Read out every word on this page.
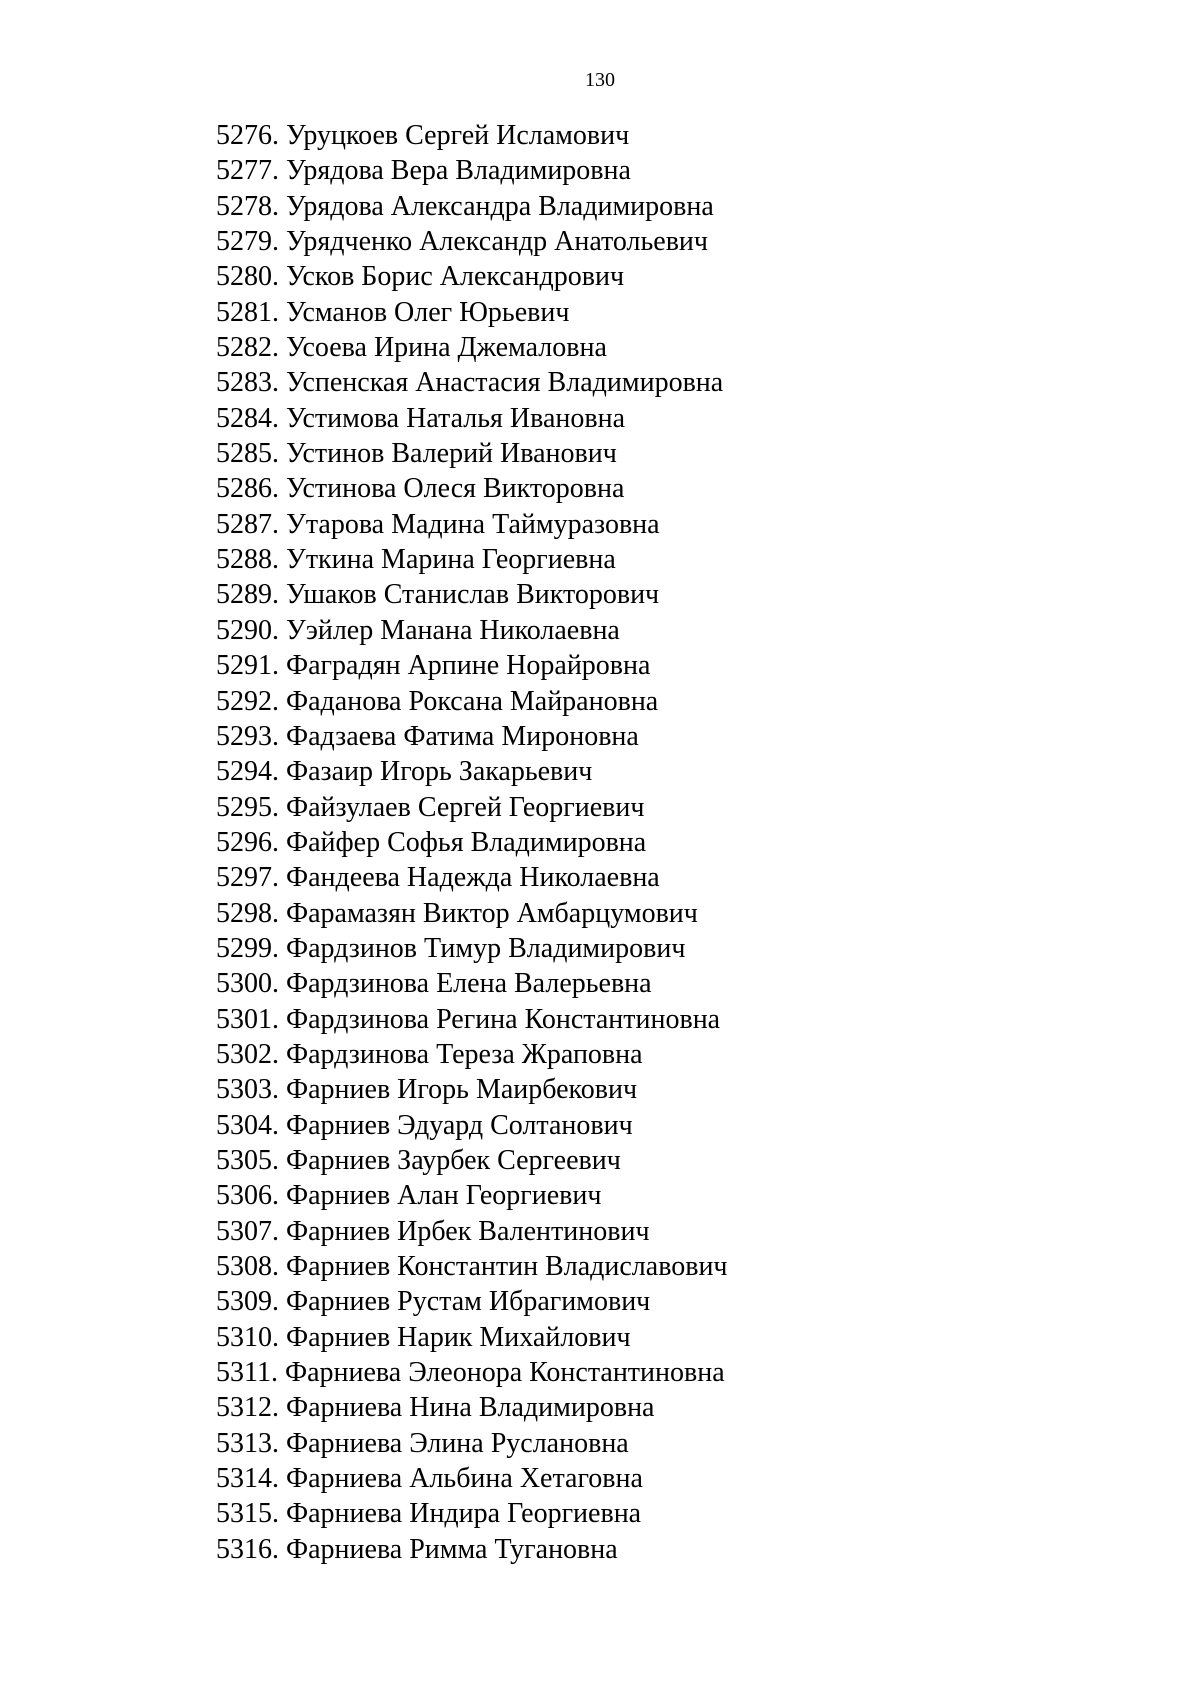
130
5276. Уруцкоев Сергей Исламович
5277. Урядова Вера Владимировна
5278. Урядова Александра Владимировна
5279. Урядченко Александр Анатольевич
5280. Усков Борис Александрович
5281. Усманов Олег Юрьевич
5282. Усоева Ирина Джемаловна
5283. Успенская Анастасия Владимировна
5284. Устимова Наталья Ивановна
5285. Устинов Валерий Иванович
5286. Устинова Олеся Викторовна
5287. Утарова Мадина Таймуразовна
5288. Уткина Марина Георгиевна
5289. Ушаков Станислав Викторович
5290. Уэйлер Манана Николаевна
5291. Фаградян Арпине Норайровна
5292. Фаданова Роксана Майрановна
5293. Фадзаева Фатима Мироновна
5294. Фазаир Игорь Закарьевич
5295. Файзулаев Сергей Георгиевич
5296. Файфер Софья Владимировна
5297. Фандеева Надежда Николаевна
5298. Фарамазян Виктор Амбарцумович
5299. Фардзинов Тимур Владимирович
5300. Фардзинова Елена Валерьевна
5301. Фардзинова Регина Константиновна
5302. Фардзинова Тереза Жраповна
5303. Фарниев Игорь Маирбекович
5304. Фарниев Эдуард Солтанович
5305. Фарниев Заурбек Сергеевич
5306. Фарниев Алан Георгиевич
5307. Фарниев Ирбек Валентинович
5308. Фарниев Константин Владиславович
5309. Фарниев Рустам Ибрагимович
5310. Фарниев Нарик Михайлович
5311. Фарниева Элеонора Константиновна
5312. Фарниева Нина Владимировна
5313. Фарниева Элина Руслановна
5314. Фарниева Альбина Хетаговна
5315. Фарниева Индира Георгиевна
5316. Фарниева Римма Тугановна
